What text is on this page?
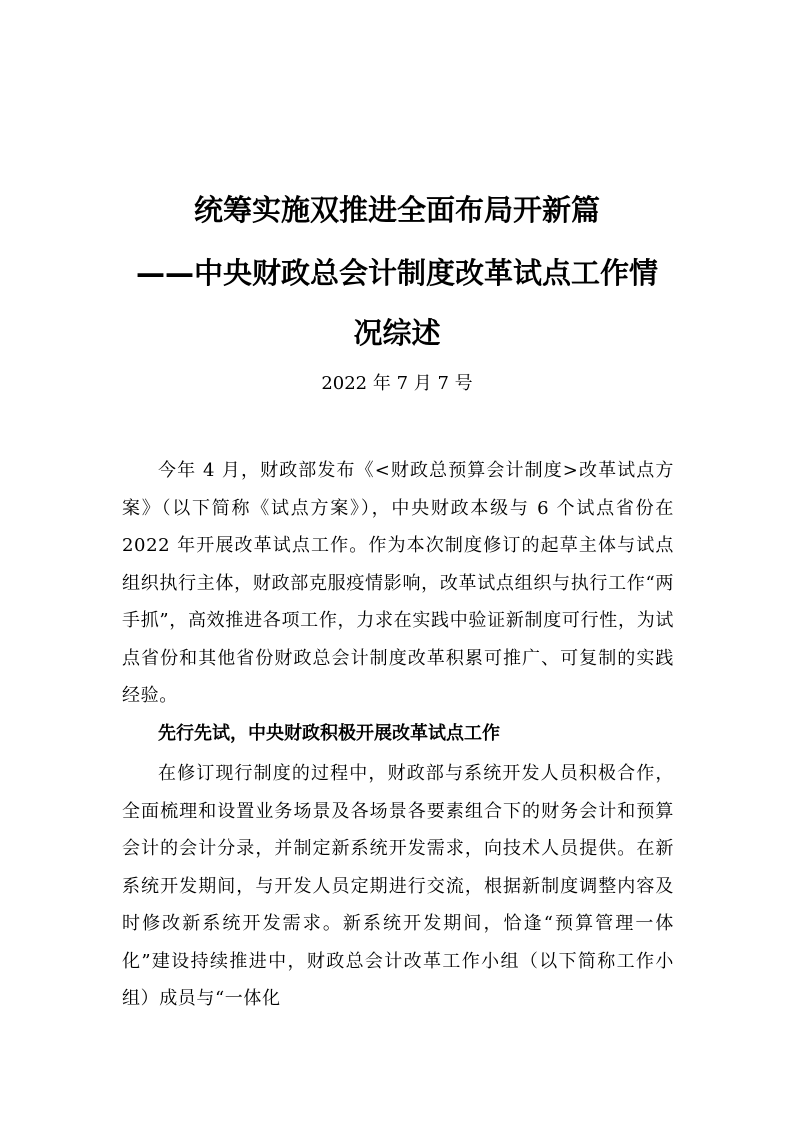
统筹实施双推进全面布局开新篇
——中央财政总会计制度改革试点工作情
况综述
2022 年 7 月 7 号

今年 4 月，财政部发布《<财政总预算会计制度>改革试点方案》（以下简称《试点方案》），中央财政本级与 6 个试点省份在 2022 年开展改革试点工作。作为本次制度修订的起草主体与试点组织执行主体，财政部克服疫情影响，改革试点组织与执行工作“两手抓”，高效推进各项工作，力求在实践中验证新制度可行性，为试点省份和其他省份财政总会计制度改革积累可推广、可复制的实践经验。

先行先试，中央财政积极开展改革试点工作

在修订现行制度的过程中，财政部与系统开发人员积极合作，全面梳理和设置业务场景及各场景各要素组合下的财务会计和预算会计的会计分录，并制定新系统开发需求，向技术人员提供。在新系统开发期间，与开发人员定期进行交流，根据新制度调整内容及时修改新系统开发需求。新系统开发期间，恰逢“预算管理一体化”建设持续推进中，财政总会计改革工作小组（以下简称工作小组）成员与“一体化
